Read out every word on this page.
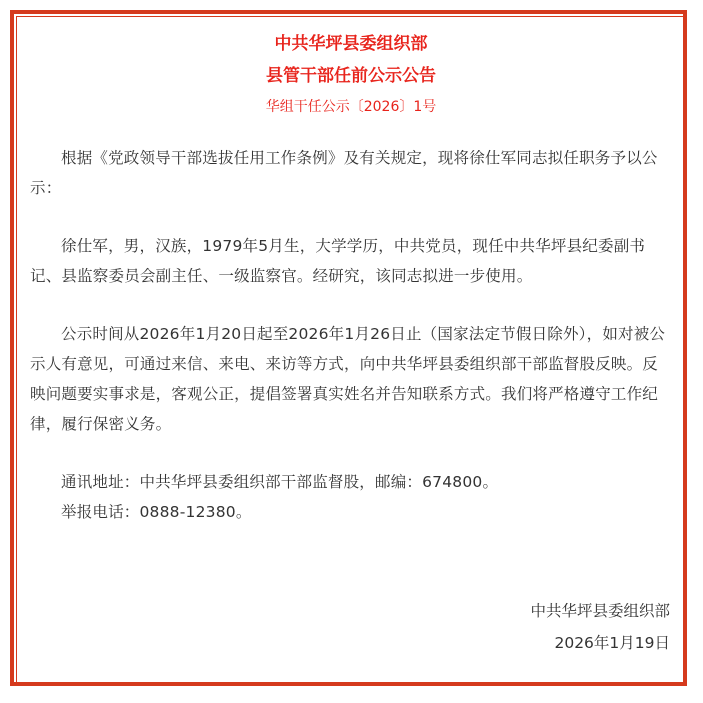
中共华坪县委组织部
县管干部任前公示公告
华组干任公示〔2026〕1号

根据《党政领导干部选拔任用工作条例》及有关规定，现将徐仕军同志拟任职务予以公示：

徐仕军，男，汉族，1979年5月生，大学学历，中共党员，现任中共华坪县纪委副书记、县监察委员会副主任、一级监察官。经研究，该同志拟进一步使用。

公示时间从2026年1月20日起至2026年1月26日止（国家法定节假日除外），如对被公示人有意见，可通过来信、来电、来访等方式，向中共华坪县委组织部干部监督股反映。反映问题要实事求是，客观公正，提倡签署真实姓名并告知联系方式。我们将严格遵守工作纪律，履行保密义务。

通讯地址：中共华坪县委组织部干部监督股，邮编：674800。

举报电话：0888-12380。

中共华坪县委组织部
2026年1月19日
